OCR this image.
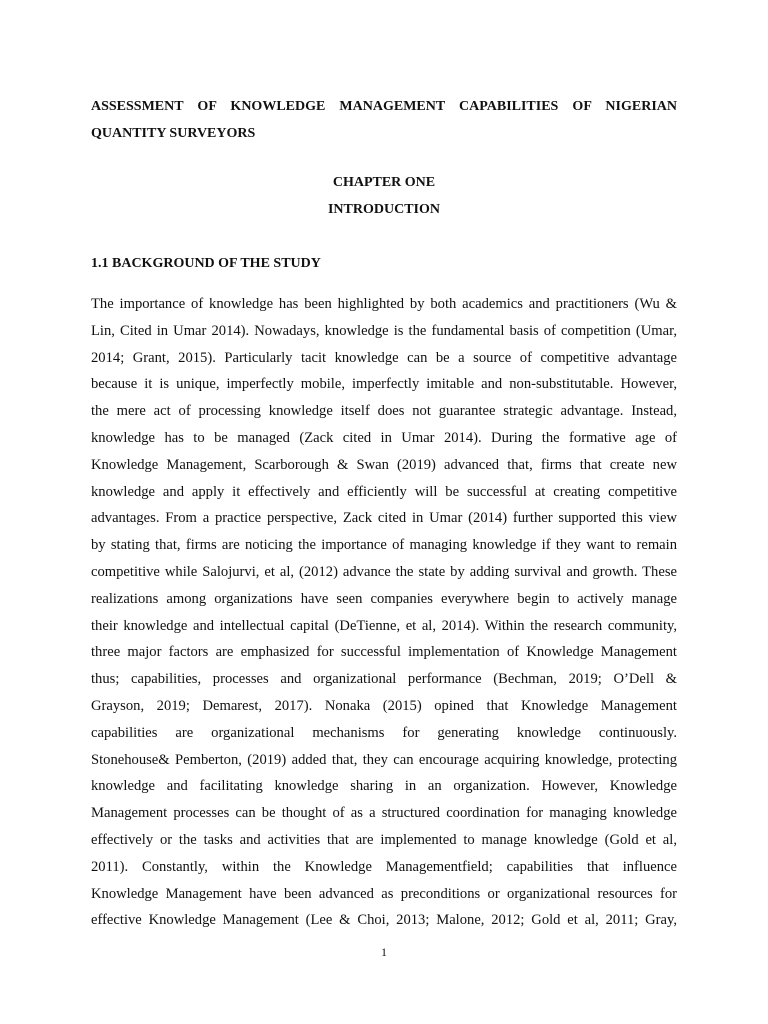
ASSESSMENT OF KNOWLEDGE MANAGEMENT CAPABILITIES OF NIGERIAN QUANTITY SURVEYORS
CHAPTER ONE
INTRODUCTION
1.1 BACKGROUND OF THE STUDY
The importance of knowledge has been highlighted by both academics and practitioners (Wu &
Lin, Cited in Umar 2014). Nowadays, knowledge is the fundamental basis of competition (Umar,
2014; Grant, 2015). Particularly tacit knowledge can be a source of competitive advantage
because it is unique, imperfectly mobile, imperfectly imitable and non-substitutable. However,
the mere act of processing knowledge itself does not guarantee strategic advantage. Instead,
knowledge has to be managed (Zack cited in Umar 2014). During the formative age of
Knowledge Management, Scarborough & Swan (2019) advanced that, firms that create new
knowledge and apply it effectively and efficiently will be successful at creating competitive
advantages. From a practice perspective, Zack cited in Umar (2014) further supported this view
by stating that, firms are noticing the importance of managing knowledge if they want to remain
competitive while Salojurvi, et al, (2012) advance the state by adding survival and growth. These
realizations among organizations have seen companies everywhere begin to actively manage
their knowledge and intellectual capital (DeTienne, et al, 2014). Within the research community,
three major factors are emphasized for successful implementation of Knowledge Management
thus; capabilities, processes and organizational performance (Bechman, 2019; O’Dell &
Grayson, 2019; Demarest, 2017). Nonaka (2015) opined that Knowledge Management
capabilities are organizational mechanisms for generating knowledge continuously.
Stonehouse& Pemberton, (2019) added that, they can encourage acquiring knowledge, protecting
knowledge and facilitating knowledge sharing in an organization. However, Knowledge
Management processes can be thought of as a structured coordination for managing knowledge
effectively or the tasks and activities that are implemented to manage knowledge (Gold et al,
2011). Constantly, within the Knowledge Managementfield; capabilities that influence
Knowledge Management have been advanced as preconditions or organizational resources for
effective Knowledge Management (Lee & Choi, 2013; Malone, 2012; Gold et al, 2011; Gray,
1
